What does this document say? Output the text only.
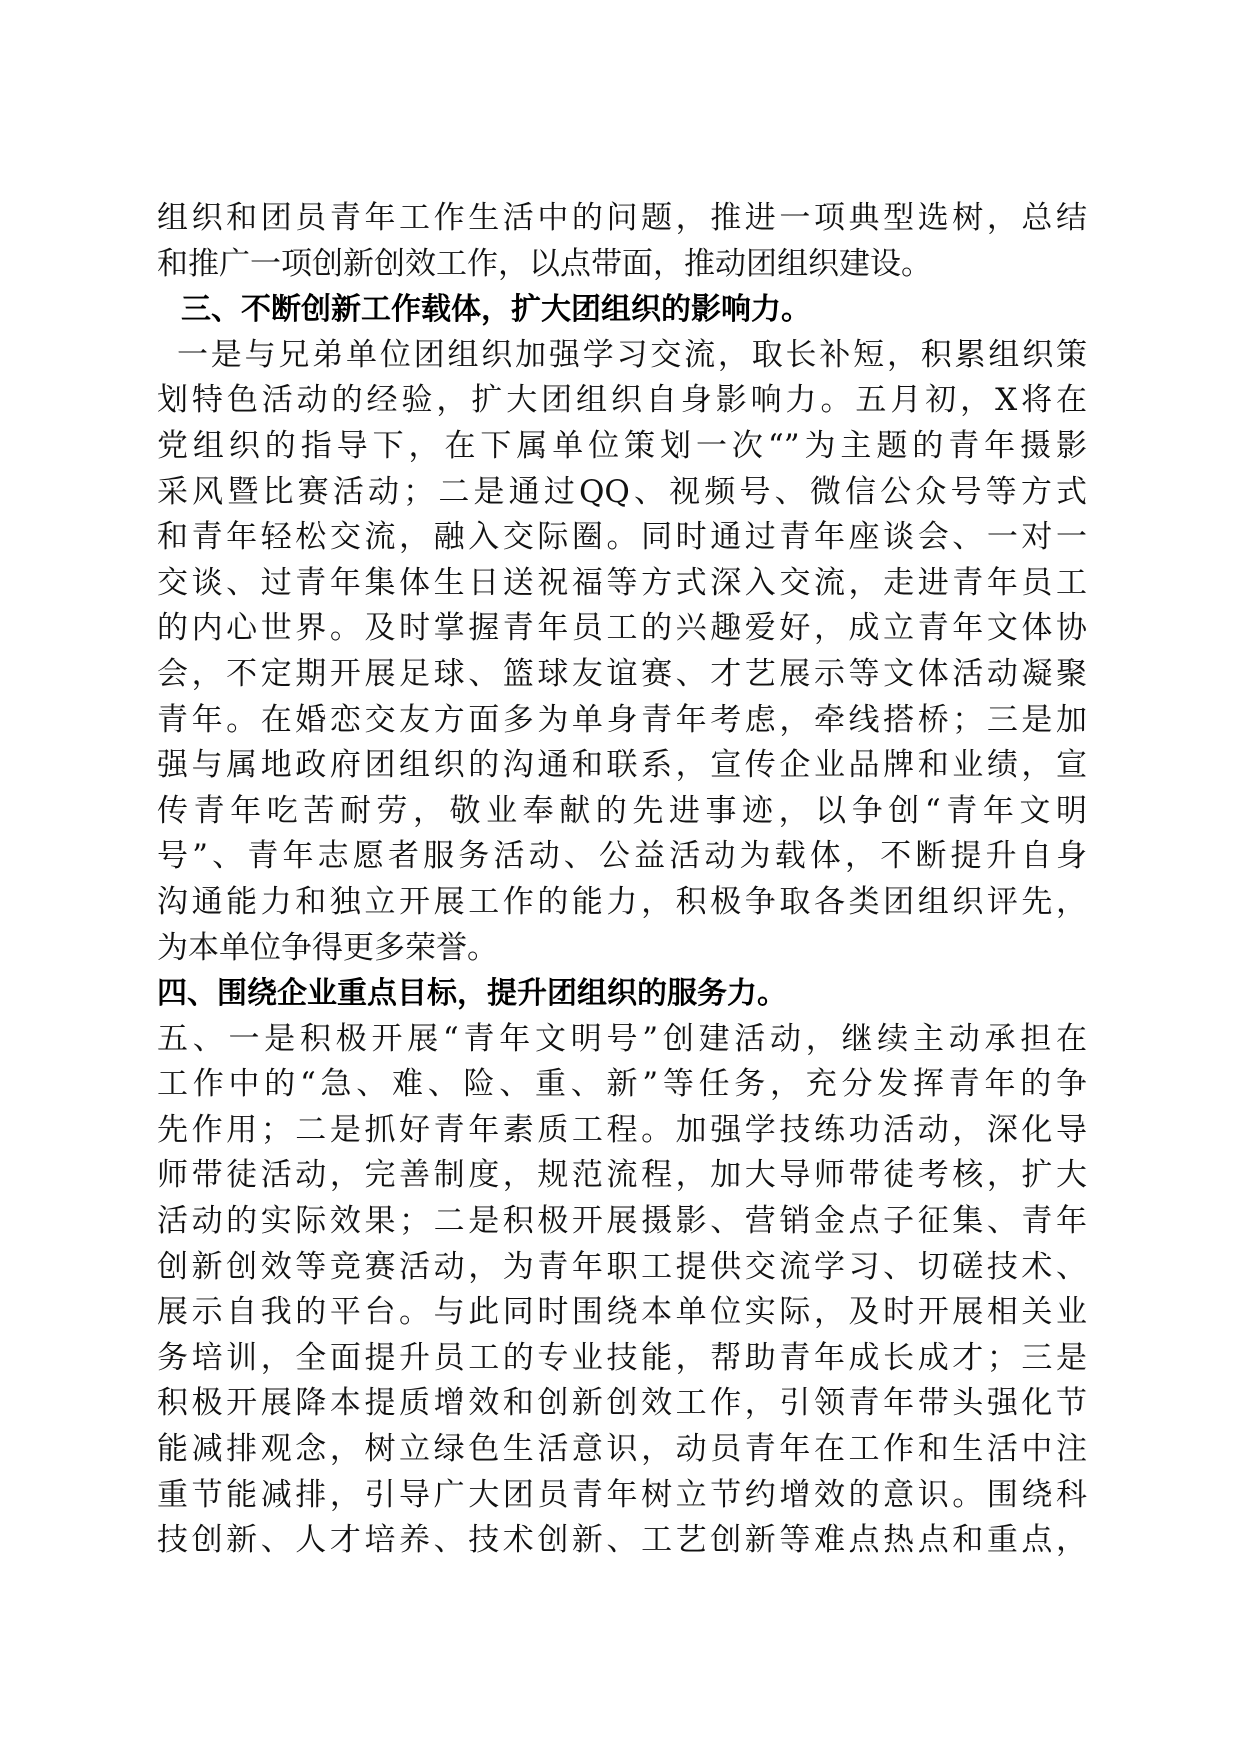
组织和团员青年工作生活中的问题，推进一项典型选树，总结
和推广一项创新创效工作，以点带面，推动团组织建设。
三、不断创新工作载体，扩大团组织的影响力。
一是与兄弟单位团组织加强学习交流，取长补短，积累组织策
划特色活动的经验，扩大团组织自身影响力。五月初，X将在
党组织的指导下，在下属单位策划一次“”为主题的青年摄影
采风暨比赛活动；二是通过QQ、视频号、微信公众号等方式
和青年轻松交流，融入交际圈。同时通过青年座谈会、一对一
交谈、过青年集体生日送祝福等方式深入交流，走进青年员工
的内心世界。及时掌握青年员工的兴趣爱好，成立青年文体协
会，不定期开展足球、篮球友谊赛、才艺展示等文体活动凝聚
青年。在婚恋交友方面多为单身青年考虑，牵线搭桥；三是加
强与属地政府团组织的沟通和联系，宣传企业品牌和业绩，宣
传青年吃苦耐劳，敬业奉献的先进事迹，以争创“青年文明
号”、青年志愿者服务活动、公益活动为载体，不断提升自身
沟通能力和独立开展工作的能力，积极争取各类团组织评先，
为本单位争得更多荣誉。
四、围绕企业重点目标，提升团组织的服务力。
五、一是积极开展“青年文明号”创建活动，继续主动承担在
工作中的“急、难、险、重、新”等任务，充分发挥青年的争
先作用；二是抓好青年素质工程。加强学技练功活动，深化导
师带徒活动，完善制度，规范流程，加大导师带徒考核，扩大
活动的实际效果；二是积极开展摄影、营销金点子征集、青年
创新创效等竞赛活动，为青年职工提供交流学习、切磋技术、
展示自我的平台。与此同时围绕本单位实际，及时开展相关业
务培训，全面提升员工的专业技能，帮助青年成长成才；三是
积极开展降本提质增效和创新创效工作，引领青年带头强化节
能减排观念，树立绿色生活意识，动员青年在工作和生活中注
重节能减排，引导广大团员青年树立节约增效的意识。围绕科
技创新、人才培养、技术创新、工艺创新等难点热点和重点，
